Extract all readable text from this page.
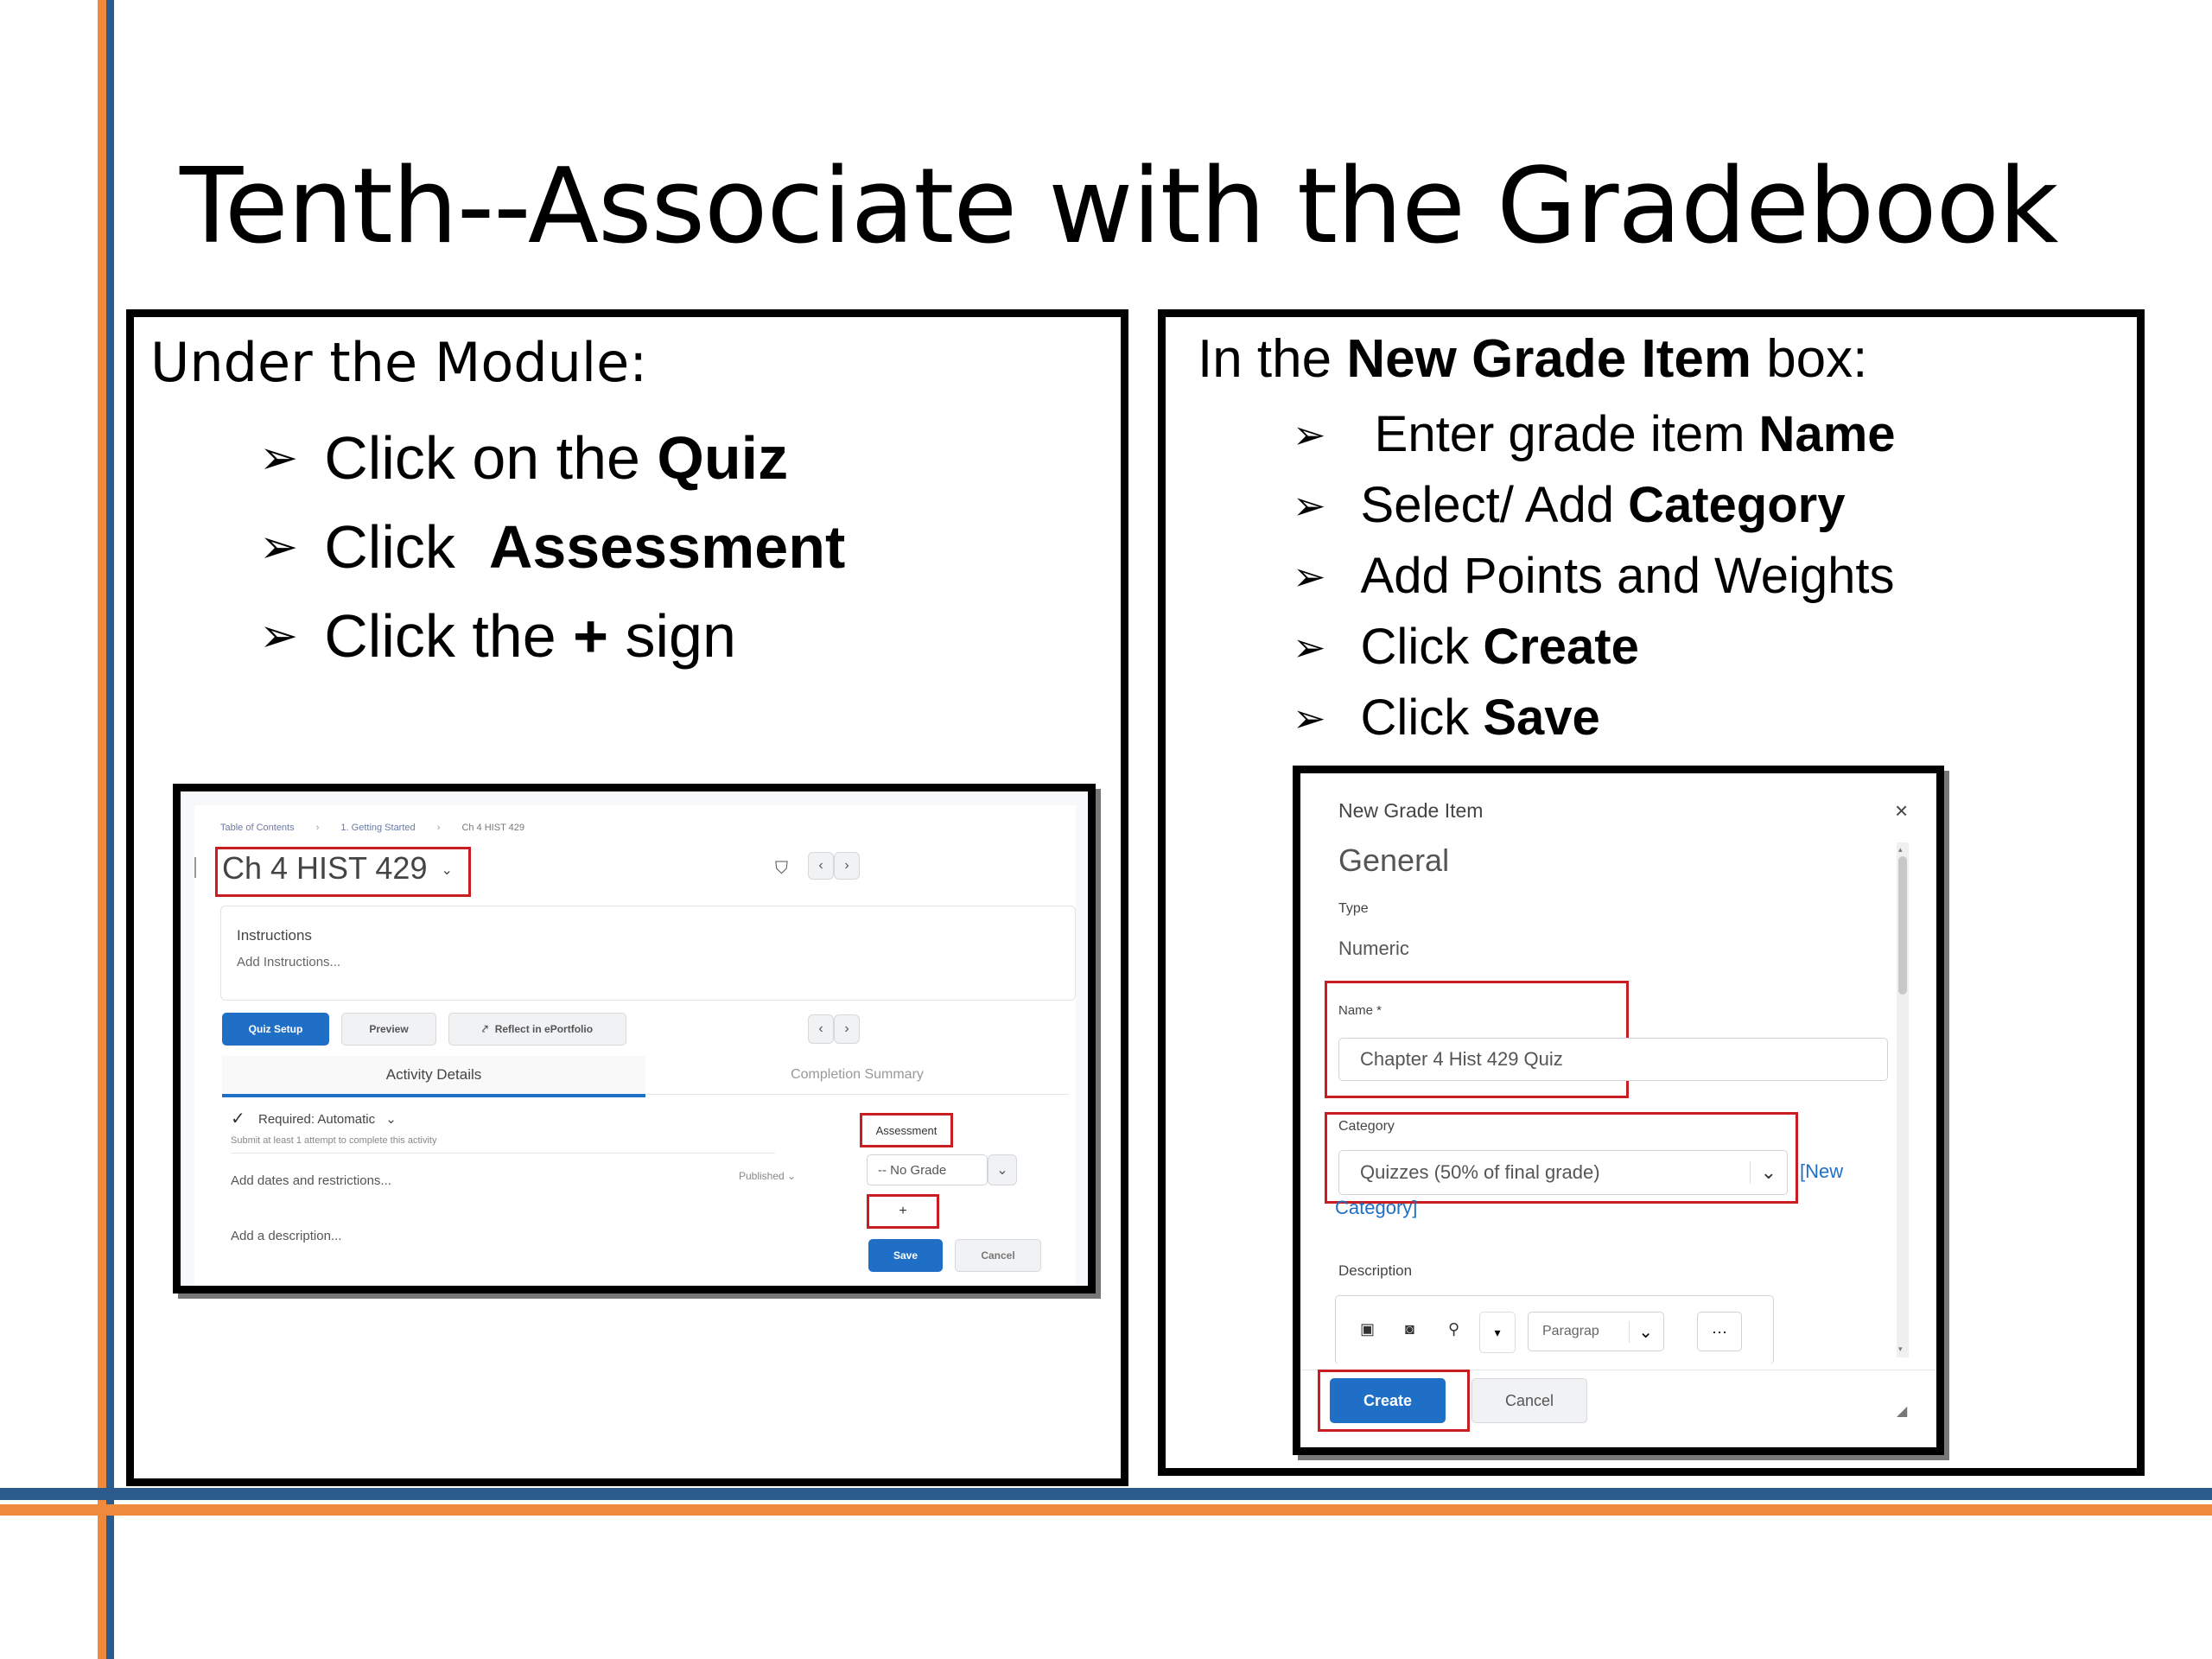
Tenth--Associate with the Gradebook
Under the Module:
➢ Click on the Quiz
➢ Click Assessment
➢ Click the + sign
Table of Contents › 1. Getting Started › Ch 4 HIST 429
Ch 4 HIST 429 ⌄	⛉ ‹ ›
Instructions
Add Instructions...
Quiz Setup	Preview	⤤ Reflect in ePortfolio	‹ ›
Activity Details	Completion Summary
✓ Required: Automatic ⌄
Submit at least 1 attempt to complete this activity
Add dates and restrictions...	Published ⌄
Add a description...
Assessment
-- No Grade	⌄
+
Save	Cancel
In the New Grade Item box:
➢ Enter grade item Name
➢ Select/ Add Category
➢ Add Points and Weights
➢ Click Create
➢ Click Save
New Grade Item	×
General
Type
Numeric
Name *
Chapter 4 Hist 429 Quiz
Category
Quizzes (50% of final grade)	⌄ [New
Category]
Description
▣ ◙ ⚲	▾	Paragrap	⌄	···
▴
▾
Create	Cancel
◢
